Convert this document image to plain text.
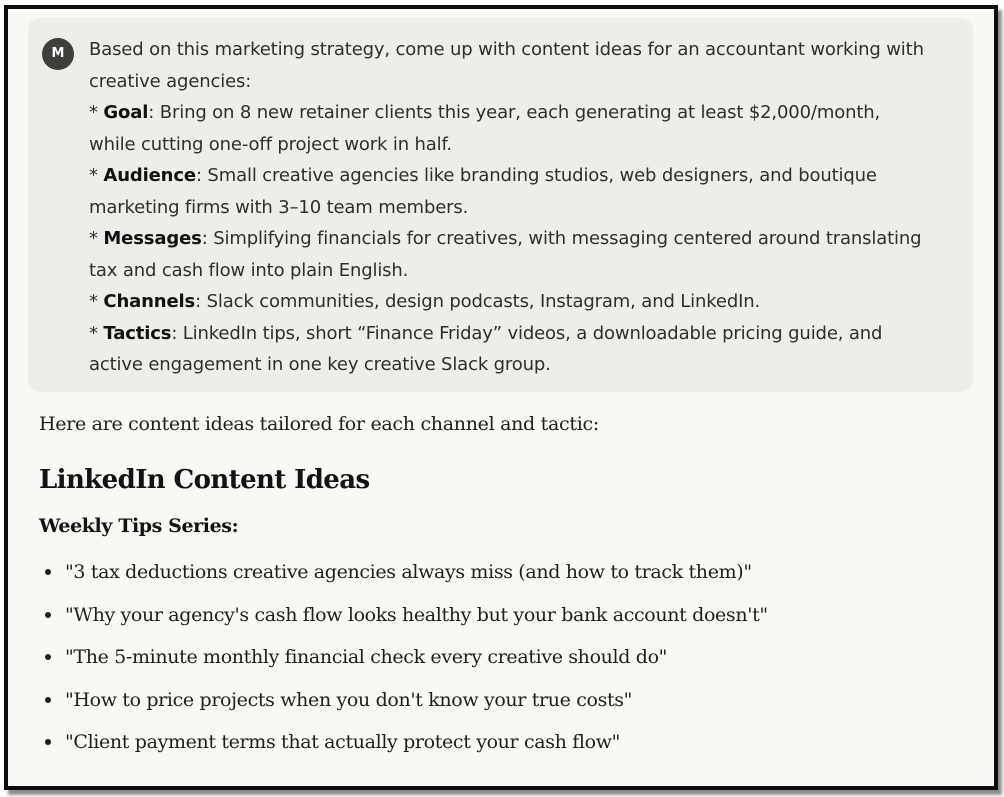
M	Based on this marketing strategy, come up with content ideas for an accountant working with creative agencies:

* Goal: Bring on 8 new retainer clients this year, each generating at least $2,000/month, while cutting one-off project work in half.

* Audience: Small creative agencies like branding studios, web designers, and boutique marketing firms with 3–10 team members.

* Messages: Simplifying financials for creatives, with messaging centered around translating tax and cash flow into plain English.

* Channels: Slack communities, design podcasts, Instagram, and LinkedIn.

* Tactics: LinkedIn tips, short “Finance Friday” videos, a downloadable pricing guide, and active engagement in one key creative Slack group.

Here are content ideas tailored for each channel and tactic:

LinkedIn Content Ideas

Weekly Tips Series:

"3 tax deductions creative agencies always miss (and how to track them)"
"Why your agency's cash flow looks healthy but your bank account doesn't"
"The 5-minute monthly financial check every creative should do"
"How to price projects when you don't know your true costs"
"Client payment terms that actually protect your cash flow"
